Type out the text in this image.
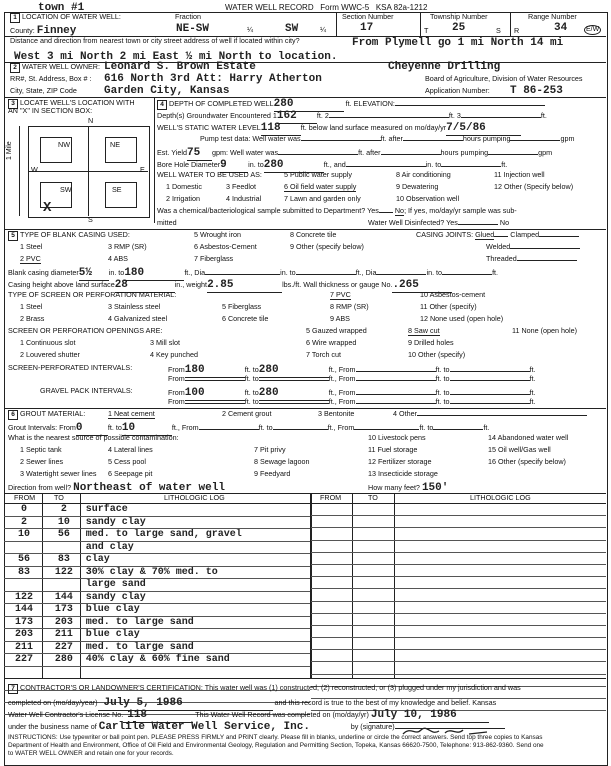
town #1	WATER WELL RECORD Form WWC-5 KSA 82a-1212
1 LOCATION OF WATER WELL:	Fraction	Section Number	Township Number	Range Number
County: Finney	NE-SW	¼	SW	¼	17	T 25	S R	34	E/W
Distance and direction from nearest town or city street address of well if located within city?	From Plymell go 1 mi North 14 mi
West 3 mi North 2 mi East ½ mi North to location.
2 WATER WELL OWNER: Leonard S. Brown Estate	Cheyenne Drilling
RR#, St. Address, Box # : 616 North 3rd Att: Harry Atherton	Board of Agriculture, Division of Water Resources
City, State, ZIP Code Garden City, Kansas	Application Number: T 86-253
3 LOCATE WELL'S LOCATION WITH
AN "X" IN SECTION BOX:
N
NW	NE
SW	SE
W	E
S
1 Mile
X
4 DEPTH OF COMPLETED WELL280	ft. ELEVATION:
Depth(s) Groundwater Encountered 1162	ft. 2	ft. 3	ft.
WELL'S STATIC WATER LEVEL118	ft. below land surface measured on mo/day/yr7/5/86
Pump test data: Well water was	ft. after	hours pumping	gpm
Est. Yield75 gpm: Well water was	ft. after	hours pumping	gpm
Bore Hole Diameter9	in. to280	ft., and	in. to	ft.
WELL WATER TO BE USED AS:	5 Public water supply	8 Air conditioning	11 Injection well
1 Domestic	3 Feedlot	6 Oil field water supply	9 Dewatering	12 Other (Specify below)
2 Irrigation	4 Industrial	7 Lawn and garden only	10 Observation well
Was a chemical/bacteriological sample submitted to Department? Yes No; If yes, mo/day/yr sample was sub-
mitted	Water Well Disinfected? Yes	No
5 TYPE OF BLANK CASING USED:	5 Wrought iron	8 Concrete tile
1 Steel	3 RMP (SR)	6 Asbestos-Cement	9 Other (specify below)
2 PVC	4 ABS	7 Fiberglass
CASING JOINTS: Glued Clamped
Welded
Threaded
Blank casing diameter5½ in. to180	ft., Dia	in. to	ft., Dia	in. to	ft.
Casing height above land surface28	in., weight2.85	lbs./ft. Wall thickness or gauge No..265
TYPE OF SCREEN OR PERFORATION MATERIAL:	7 PVC	10 Asbestos-cement
1 Steel	3 Stainless steel	5 Fiberglass	8 RMP (SR)	11 Other (specify)
2 Brass	4 Galvanized steel	6 Concrete tile	9 ABS	12 None used (open hole)
SCREEN OR PERFORATION OPENINGS ARE:	5 Gauzed wrapped	8 Saw cut	11 None (open hole)
1 Continuous slot	3 Mill slot	6 Wire wrapped	9 Drilled holes
2 Louvered shutter	4 Key punched	7 Torch cut	10 Other (specify)
SCREEN-PERFORATED INTERVALS:	From180	ft. to280	ft., From	ft. to	ft.
From	ft. to	ft., From	ft. to	ft.
GRAVEL PACK INTERVALS:	From100	ft. to280	ft., From	ft. to	ft.
From	ft. to	ft., From	ft. to	ft.
6 GROUT MATERIAL:	1 Neat cement	2 Cement grout	3 Bentonite	4 Other
Grout Intervals: From0	ft. to10	ft., From	ft. to	ft., From	ft. to	ft.
What is the nearest source of possible contamination:	10 Livestock pens	14 Abandoned water well
1 Septic tank	4 Lateral lines	7 Pit privy	11 Fuel storage	15 Oil well/Gas well
2 Sewer lines	5 Cess pool	8 Sewage lagoon	12 Fertilizer storage	16 Other (specify below)
3 Watertight sewer lines 6 Seepage pit	9 Feedyard	13 Insecticide storage
Direction from well? Northeast of water well	How many feet? 150'
FROM	TO	LITHOLOGIC LOG	FROM	TO	LITHOLOGIC LOG
0	2	surface
2	10	sandy clay
10	56	med. to large sand, gravel
		and clay
56	83	clay
83	122	30% clay & 70% med. to
		large sand
122	144	sandy clay
144	173	blue clay
173	203	med. to large sand
203	211	blue clay
211	227	med. to large sand
227	280	40% clay & 60% fine sand

7 CONTRACTOR'S OR LANDOWNER'S CERTIFICATION: This water well was (1) constructed, (2) reconstructed, or (3) plugged under my jurisdiction and was
completed on (mo/day/year) July 5, 1986	and this record is true to the best of my knowledge and belief. Kansas
Water Well Contractor's License No. 118	This Water Well Record was completed on (mo/day/yr) July 10, 1986
under the business name of Carlile Water Well Service, Inc.	by (signature)
INSTRUCTIONS: Use typewriter or ball point pen. PLEASE PRESS FIRMLY and PRINT clearly. Please fill in blanks, underline or circle the correct answers. Send top three copies to Kansas
Department of Health and Environment, Office of Oil Field and Environmental Geology, Regulation and Permitting Section, Topeka, Kansas 66620-7500, Telephone: 913-862-9360. Send one
to WATER WELL OWNER and retain one for your records.
